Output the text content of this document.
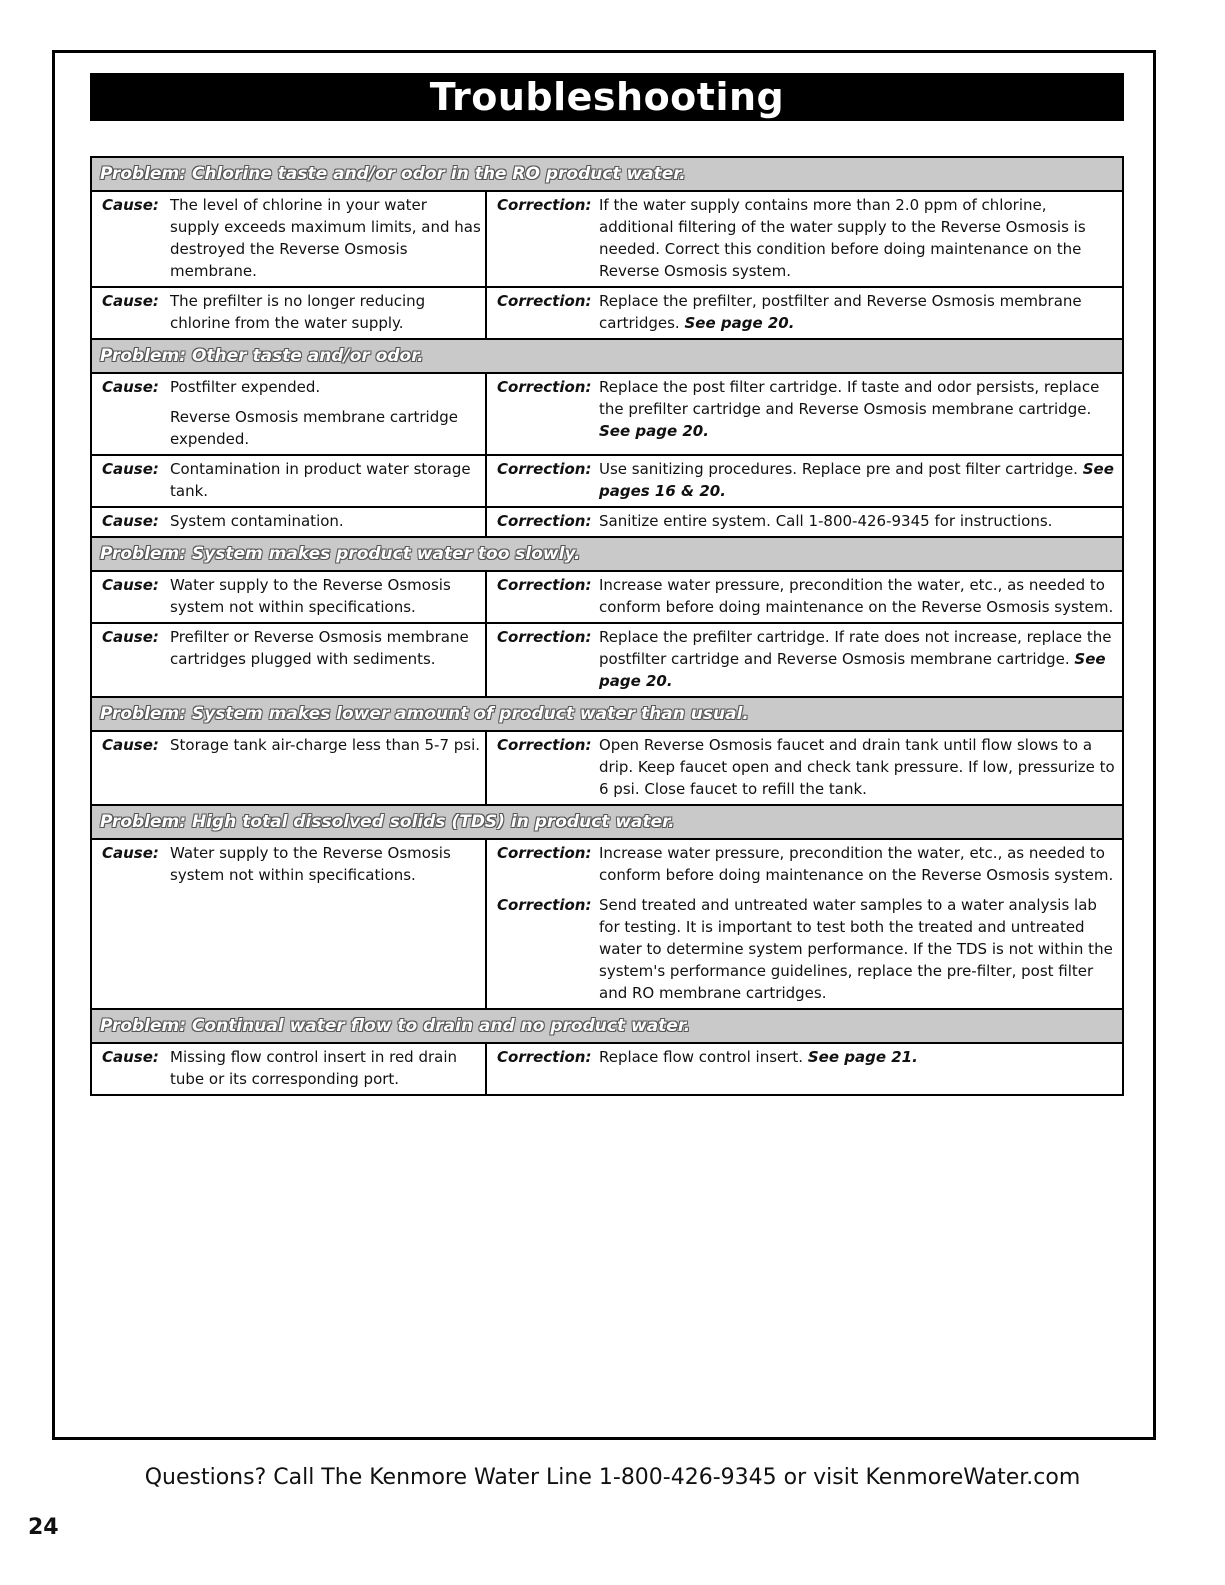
Troubleshooting
Problem: Chlorine taste and/or odor in the RO product water.
Cause: The level of chlorine in your water supply exceeds maximum limits, and has destroyed the Reverse Osmosis membrane.
Correction: If the water supply contains more than 2.0 ppm of chlorine, additional filtering of the water supply to the Reverse Osmosis is needed. Correct this condition before doing maintenance on the Reverse Osmosis system.
Cause: The prefilter is no longer reducing chlorine from the water supply.
Correction: Replace the prefilter, postfilter and Reverse Osmosis membrane cartridges. See page 20.
Problem: Other taste and/or odor.
Cause: Postfilter expended.
Reverse Osmosis membrane cartridge expended.
Correction: Replace the post filter cartridge. If taste and odor persists, replace the prefilter cartridge and Reverse Osmosis membrane cartridge. See page 20.
Cause: Contamination in product water storage tank.
Correction: Use sanitizing procedures. Replace pre and post filter cartridge. See pages 16 & 20.
Cause: System contamination.	Correction: Sanitize entire system. Call 1-800-426-9345 for instructions.
Problem: System makes product water too slowly.
Cause: Water supply to the Reverse Osmosis system not within specifications.
Correction: Increase water pressure, precondition the water, etc., as needed to conform before doing maintenance on the Reverse Osmosis system.
Cause: Prefilter or Reverse Osmosis membrane cartridges plugged with sediments.
Correction: Replace the prefilter cartridge. If rate does not increase, replace the postfilter cartridge and Reverse Osmosis membrane cartridge. See page 20.
Problem: System makes lower amount of product water than usual.
Cause: Storage tank air-charge less than 5-7 psi. Correction: Open Reverse Osmosis faucet and drain tank until flow slows to a drip. Keep faucet open and check tank pressure. If low, pressurize to 6 psi. Close faucet to refill the tank.
Problem: High total dissolved solids (TDS) in product water.
Cause: Water supply to the Reverse Osmosis system not within specifications.
Correction: Increase water pressure, precondition the water, etc., as needed to conform before doing maintenance on the Reverse Osmosis system.
Correction: Send treated and untreated water samples to a water analysis lab for testing. It is important to test both the treated and untreated water to determine system performance. If the TDS is not within the system's performance guidelines, replace the pre-filter, post filter and RO membrane cartridges.
Problem: Continual water flow to drain and no product water.
Cause: Missing flow control insert in red drain tube or its corresponding port.
Correction: Replace flow control insert. See page 21.
Questions? Call The Kenmore Water Line 1-800-426-9345 or visit KenmoreWater.com
24
